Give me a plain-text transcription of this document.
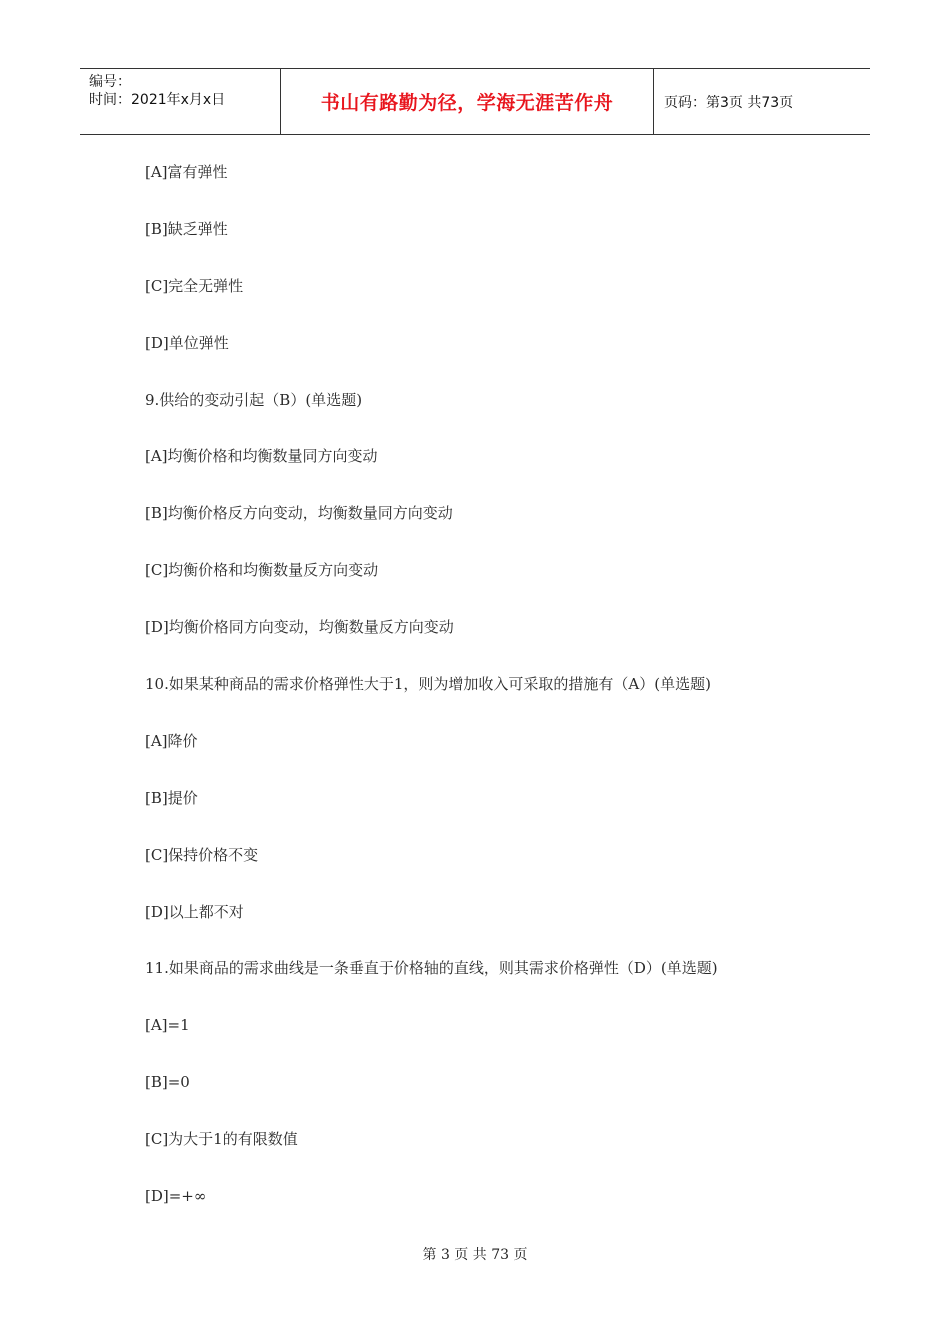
编号：
时间：2021年x月x日	书山有路勤为径，学海无涯苦作舟	页码：第3页 共73页
[A]富有弹性
[B]缺乏弹性
[C]完全无弹性
[D]单位弹性
9.供给的变动引起（B）(单选题)
[A]均衡价格和均衡数量同方向变动
[B]均衡价格反方向变动，均衡数量同方向变动
[C]均衡价格和均衡数量反方向变动
[D]均衡价格同方向变动，均衡数量反方向变动
10.如果某种商品的需求价格弹性大于1，则为增加收入可采取的措施有（A）(单选题)
[A]降价
[B]提价
[C]保持价格不变
[D]以上都不对
11.如果商品的需求曲线是一条垂直于价格轴的直线，则其需求价格弹性（D）(单选题)
[A]=1
[B]=0
[C]为大于1的有限数值
[D]=+∞
第 3 页 共 73 页
